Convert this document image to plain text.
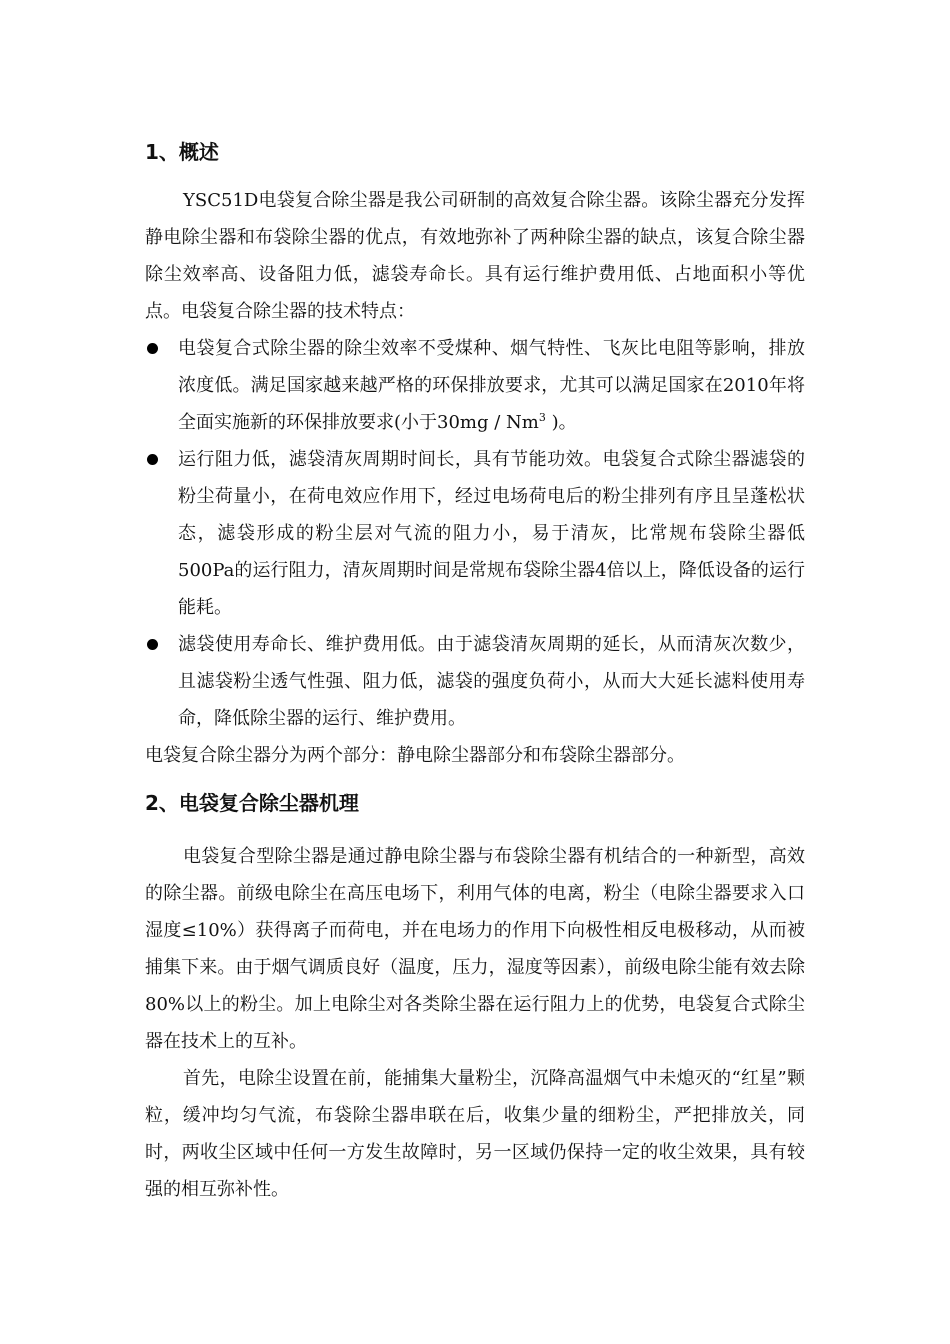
1、概述

YSC51D电袋复合除尘器是我公司研制的高效复合除尘器。该除尘器充分发挥静电除尘器和布袋除尘器的优点，有效地弥补了两种除尘器的缺点，该复合除尘器除尘效率高、设备阻力低，滤袋寿命长。具有运行维护费用低、占地面积小等优点。电袋复合除尘器的技术特点：

电袋复合式除尘器的除尘效率不受煤种、烟气特性、飞灰比电阻等影响，排放浓度低。满足国家越来越严格的环保排放要求，尤其可以满足国家在2010年将全面实施新的环保排放要求(小于30mg / Nm$^3$ )。

运行阻力低，滤袋清灰周期时间长，具有节能功效。电袋复合式除尘器滤袋的粉尘荷量小，在荷电效应作用下，经过电场荷电后的粉尘排列有序且呈蓬松状态，滤袋形成的粉尘层对气流的阻力小，易于清灰，比常规布袋除尘器低500Pa的运行阻力，清灰周期时间是常规布袋除尘器4倍以上，降低设备的运行能耗。

滤袋使用寿命长、维护费用低。由于滤袋清灰周期的延长，从而清灰次数少，且滤袋粉尘透气性强、阻力低，滤袋的强度负荷小，从而大大延长滤料使用寿命，降低除尘器的运行、维护费用。

电袋复合除尘器分为两个部分：静电除尘器部分和布袋除尘器部分。

2、电袋复合除尘器机理

电袋复合型除尘器是通过静电除尘器与布袋除尘器有机结合的一种新型，高效的除尘器。前级电除尘在高压电场下，利用气体的电离，粉尘（电除尘器要求入口湿度≤10%）获得离子而荷电，并在电场力的作用下向极性相反电极移动，从而被捕集下来。由于烟气调质良好（温度，压力，湿度等因素），前级电除尘能有效去除80%以上的粉尘。加上电除尘对各类除尘器在运行阻力上的优势，电袋复合式除尘器在技术上的互补。

首先，电除尘设置在前，能捕集大量粉尘，沉降高温烟气中未熄灭的“红星”颗粒，缓冲均匀气流，布袋除尘器串联在后，收集少量的细粉尘，严把排放关，同时，两收尘区域中任何一方发生故障时，另一区域仍保持一定的收尘效果，具有较强的相互弥补性。
